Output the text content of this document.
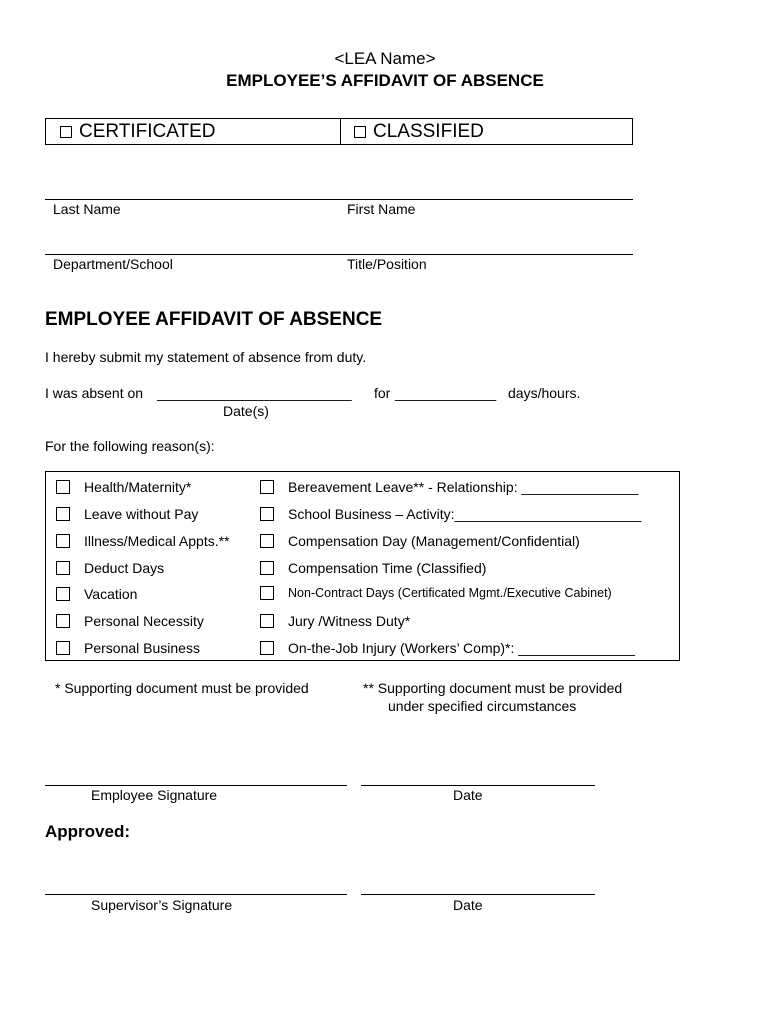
<LEA Name>
EMPLOYEE’S AFFIDAVIT OF ABSENCE
CERTIFICATED	CLASSIFIED
Last Name	First Name
Department/School	Title/Position
EMPLOYEE AFFIDAVIT OF ABSENCE
I hereby submit my statement of absence from duty.
I was absent on _________________________ for _____________ days/hours.
Date(s)
For the following reason(s):
Health/Maternity*
Leave without Pay
Illness/Medical Appts.**
Deduct Days
Vacation
Personal Necessity
Personal Business
Bereavement Leave** - Relationship: _______________
School Business – Activity:________________________
Compensation Day (Management/Confidential)
Compensation Time (Classified)
Non-Contract Days (Certificated Mgmt./Executive Cabinet)
Jury /Witness Duty*
On-the-Job Injury (Workers’ Comp)*: _______________
* Supporting document must be provided	** Supporting document must be provided
under specified circumstances
Employee Signature	Date
Approved:
Supervisor’s Signature	Date
